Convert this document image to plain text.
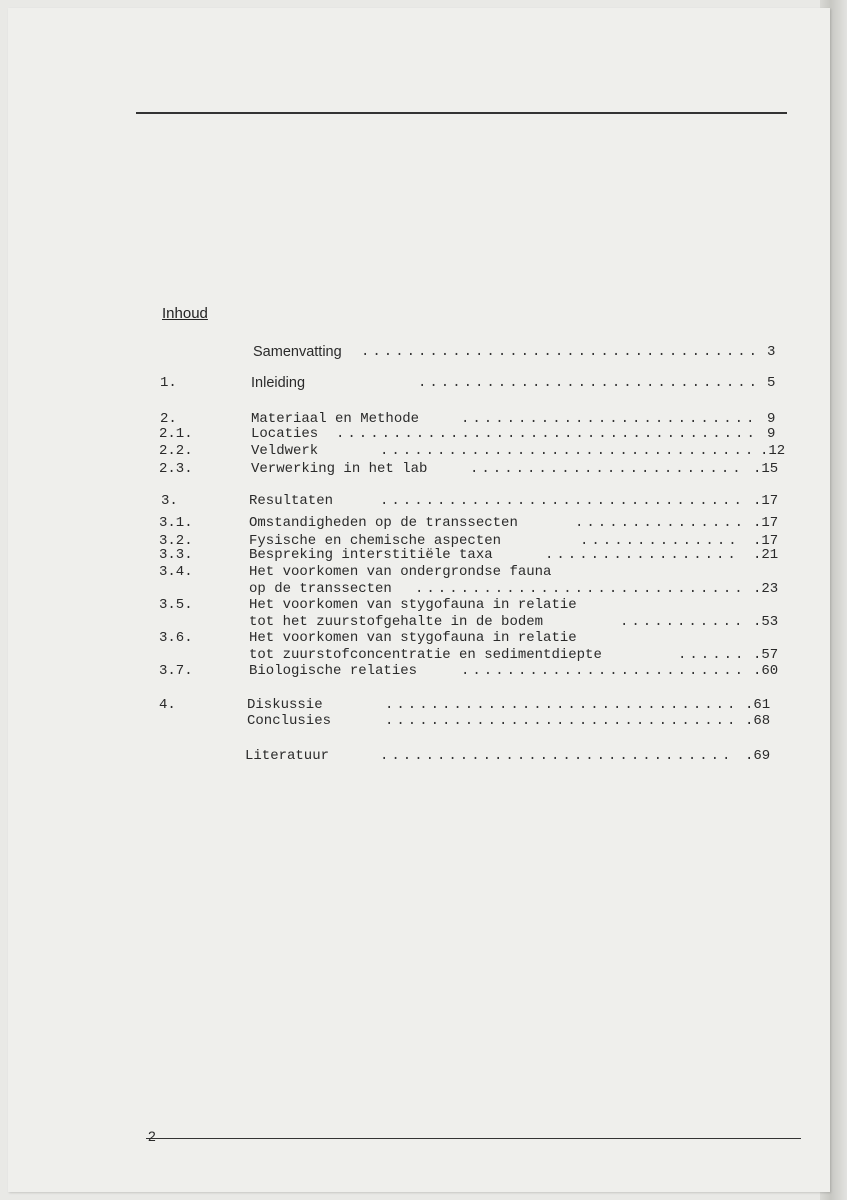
Inhoud
Samenvatting ................................... 3
1.	Inleiding	.............................. 5
2.	Materiaal en Methode	.......................... 9
2.1.	Locaties ..................................... 9
2.2.	Veldwerk	................................. .12
2.3.	Verwerking in het lab	........................ .15
3.	Resultaten	................................ .17
3.1.	Omstandigheden op de transsecten	............... .17
3.2.	Fysische en chemische aspecten	.............. .17
3.3.	Bespreking interstitiële taxa	................. .21
3.4.	Het voorkomen van ondergrondse fauna
op de transsecten ............................. .23
3.5.	Het voorkomen van stygofauna in relatie
tot het zuurstofgehalte in de bodem	........... .53
3.6.	Het voorkomen van stygofauna in relatie
tot zuurstofconcentratie en sedimentdiepte	...... .57
3.7.	Biologische relaties	......................... .60
4.	Diskussie	............................... .61
Conclusies	............................... .68
Literatuur	............................... .69
2
